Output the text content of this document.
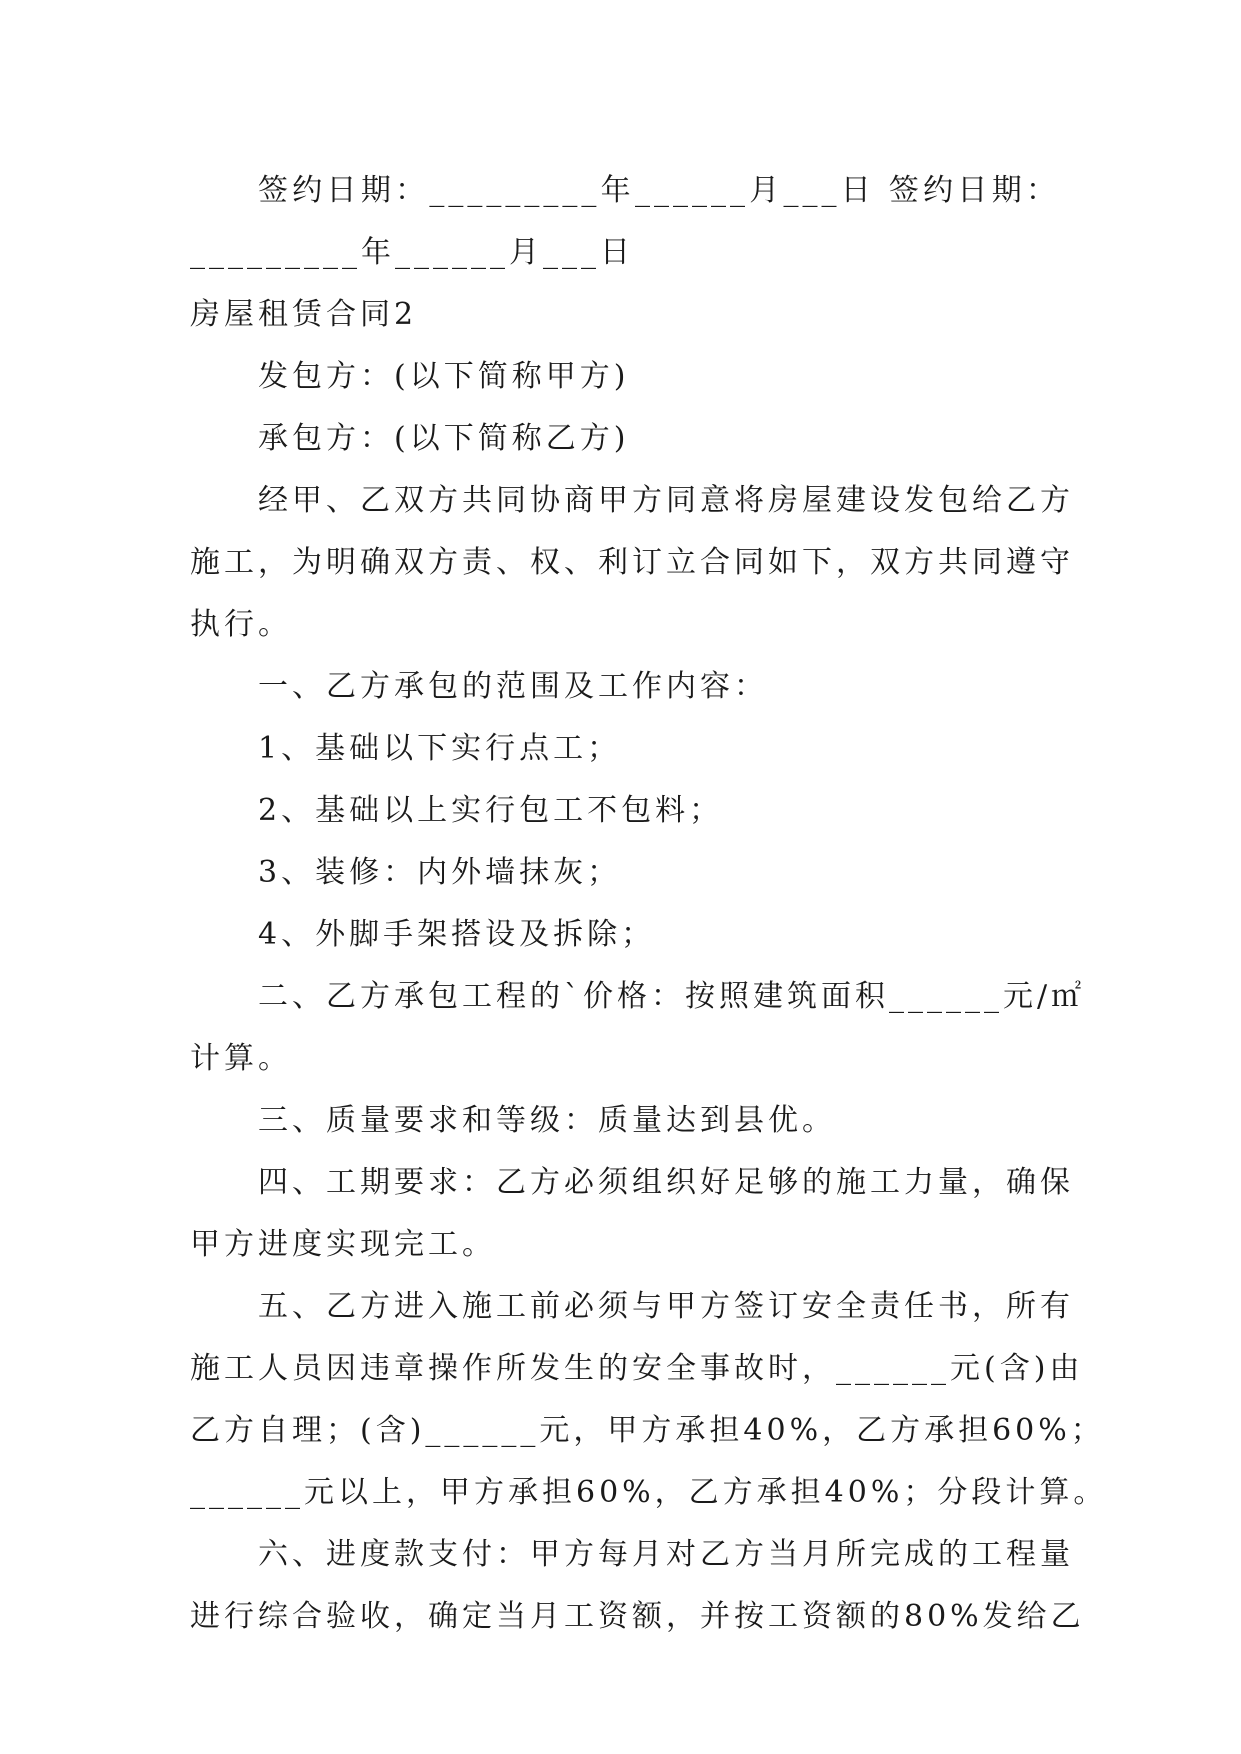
签约日期：_________年______月___日 签约日期：
_________年______月___日
房屋租赁合同2
发包方：(以下简称甲方)
承包方：(以下简称乙方)
经甲、乙双方共同协商甲方同意将房屋建设发包给乙方
施工，为明确双方责、权、利订立合同如下，双方共同遵守
执行。
一、乙方承包的范围及工作内容：
1、基础以下实行点工；
2、基础以上实行包工不包料；
3、装修：内外墙抹灰；
4、外脚手架搭设及拆除；
二、乙方承包工程的`价格：按照建筑面积______元/㎡
计算。
三、质量要求和等级：质量达到县优。
四、工期要求：乙方必须组织好足够的施工力量，确保
甲方进度实现完工。
五、乙方进入施工前必须与甲方签订安全责任书，所有
施工人员因违章操作所发生的安全事故时，______元(含)由
乙方自理；(含)______元，甲方承担40%，乙方承担60%；
______元以上，甲方承担60%，乙方承担40%；分段计算。
六、进度款支付：甲方每月对乙方当月所完成的工程量
进行综合验收，确定当月工资额，并按工资额的80%发给乙
